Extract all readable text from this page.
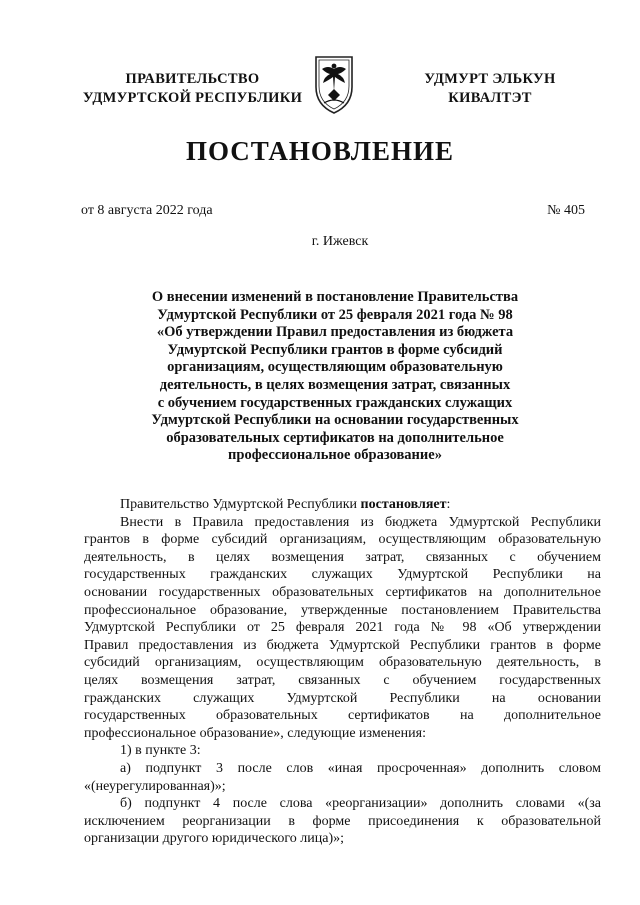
ПРАВИТЕЛЬСТВО
УДМУРТСКОЙ РЕСПУБЛИКИ
УДМУРТ ЭЛЬКУН
КИВАЛТЭТ
ПОСТАНОВЛЕНИЕ
от 8 августа 2022 года	№ 405
г. Ижевск
О внесении изменений в постановление Правительства
Удмуртской Республики от 25 февраля 2021 года № 98
«Об утверждении Правил предоставления из бюджета
Удмуртской Республики грантов в форме субсидий
организациям, осуществляющим образовательную
деятельность, в целях возмещения затрат, связанных
с обучением государственных гражданских служащих
Удмуртской Республики на основании государственных
образовательных сертификатов на дополнительное
профессиональное образование»
Правительство Удмуртской Республики постановляет:
Внести в Правила предоставления из бюджета Удмуртской Республики
грантов в форме субсидий организациям, осуществляющим образовательную
деятельность, в целях возмещения затрат, связанных с обучением
государственных гражданских служащих Удмуртской Республики на
основании государственных образовательных сертификатов на дополнительное
профессиональное образование, утвержденные постановлением Правительства
Удмуртской Республики от 25 февраля 2021 года № 98 «Об утверждении
Правил предоставления из бюджета Удмуртской Республики грантов в форме
субсидий организациям, осуществляющим образовательную деятельность, в
целях возмещения затрат, связанных с обучением государственных
гражданских служащих Удмуртской Республики на основании
государственных образовательных сертификатов на дополнительное
профессиональное образование», следующие изменения:
1) в пункте 3:
а) подпункт 3 после слов «иная просроченная» дополнить словом
«(неурегулированная)»;
б) подпункт 4 после слова «реорганизации» дополнить словами «(за
исключением реорганизации в форме присоединения к образовательной
организации другого юридического лица)»;
